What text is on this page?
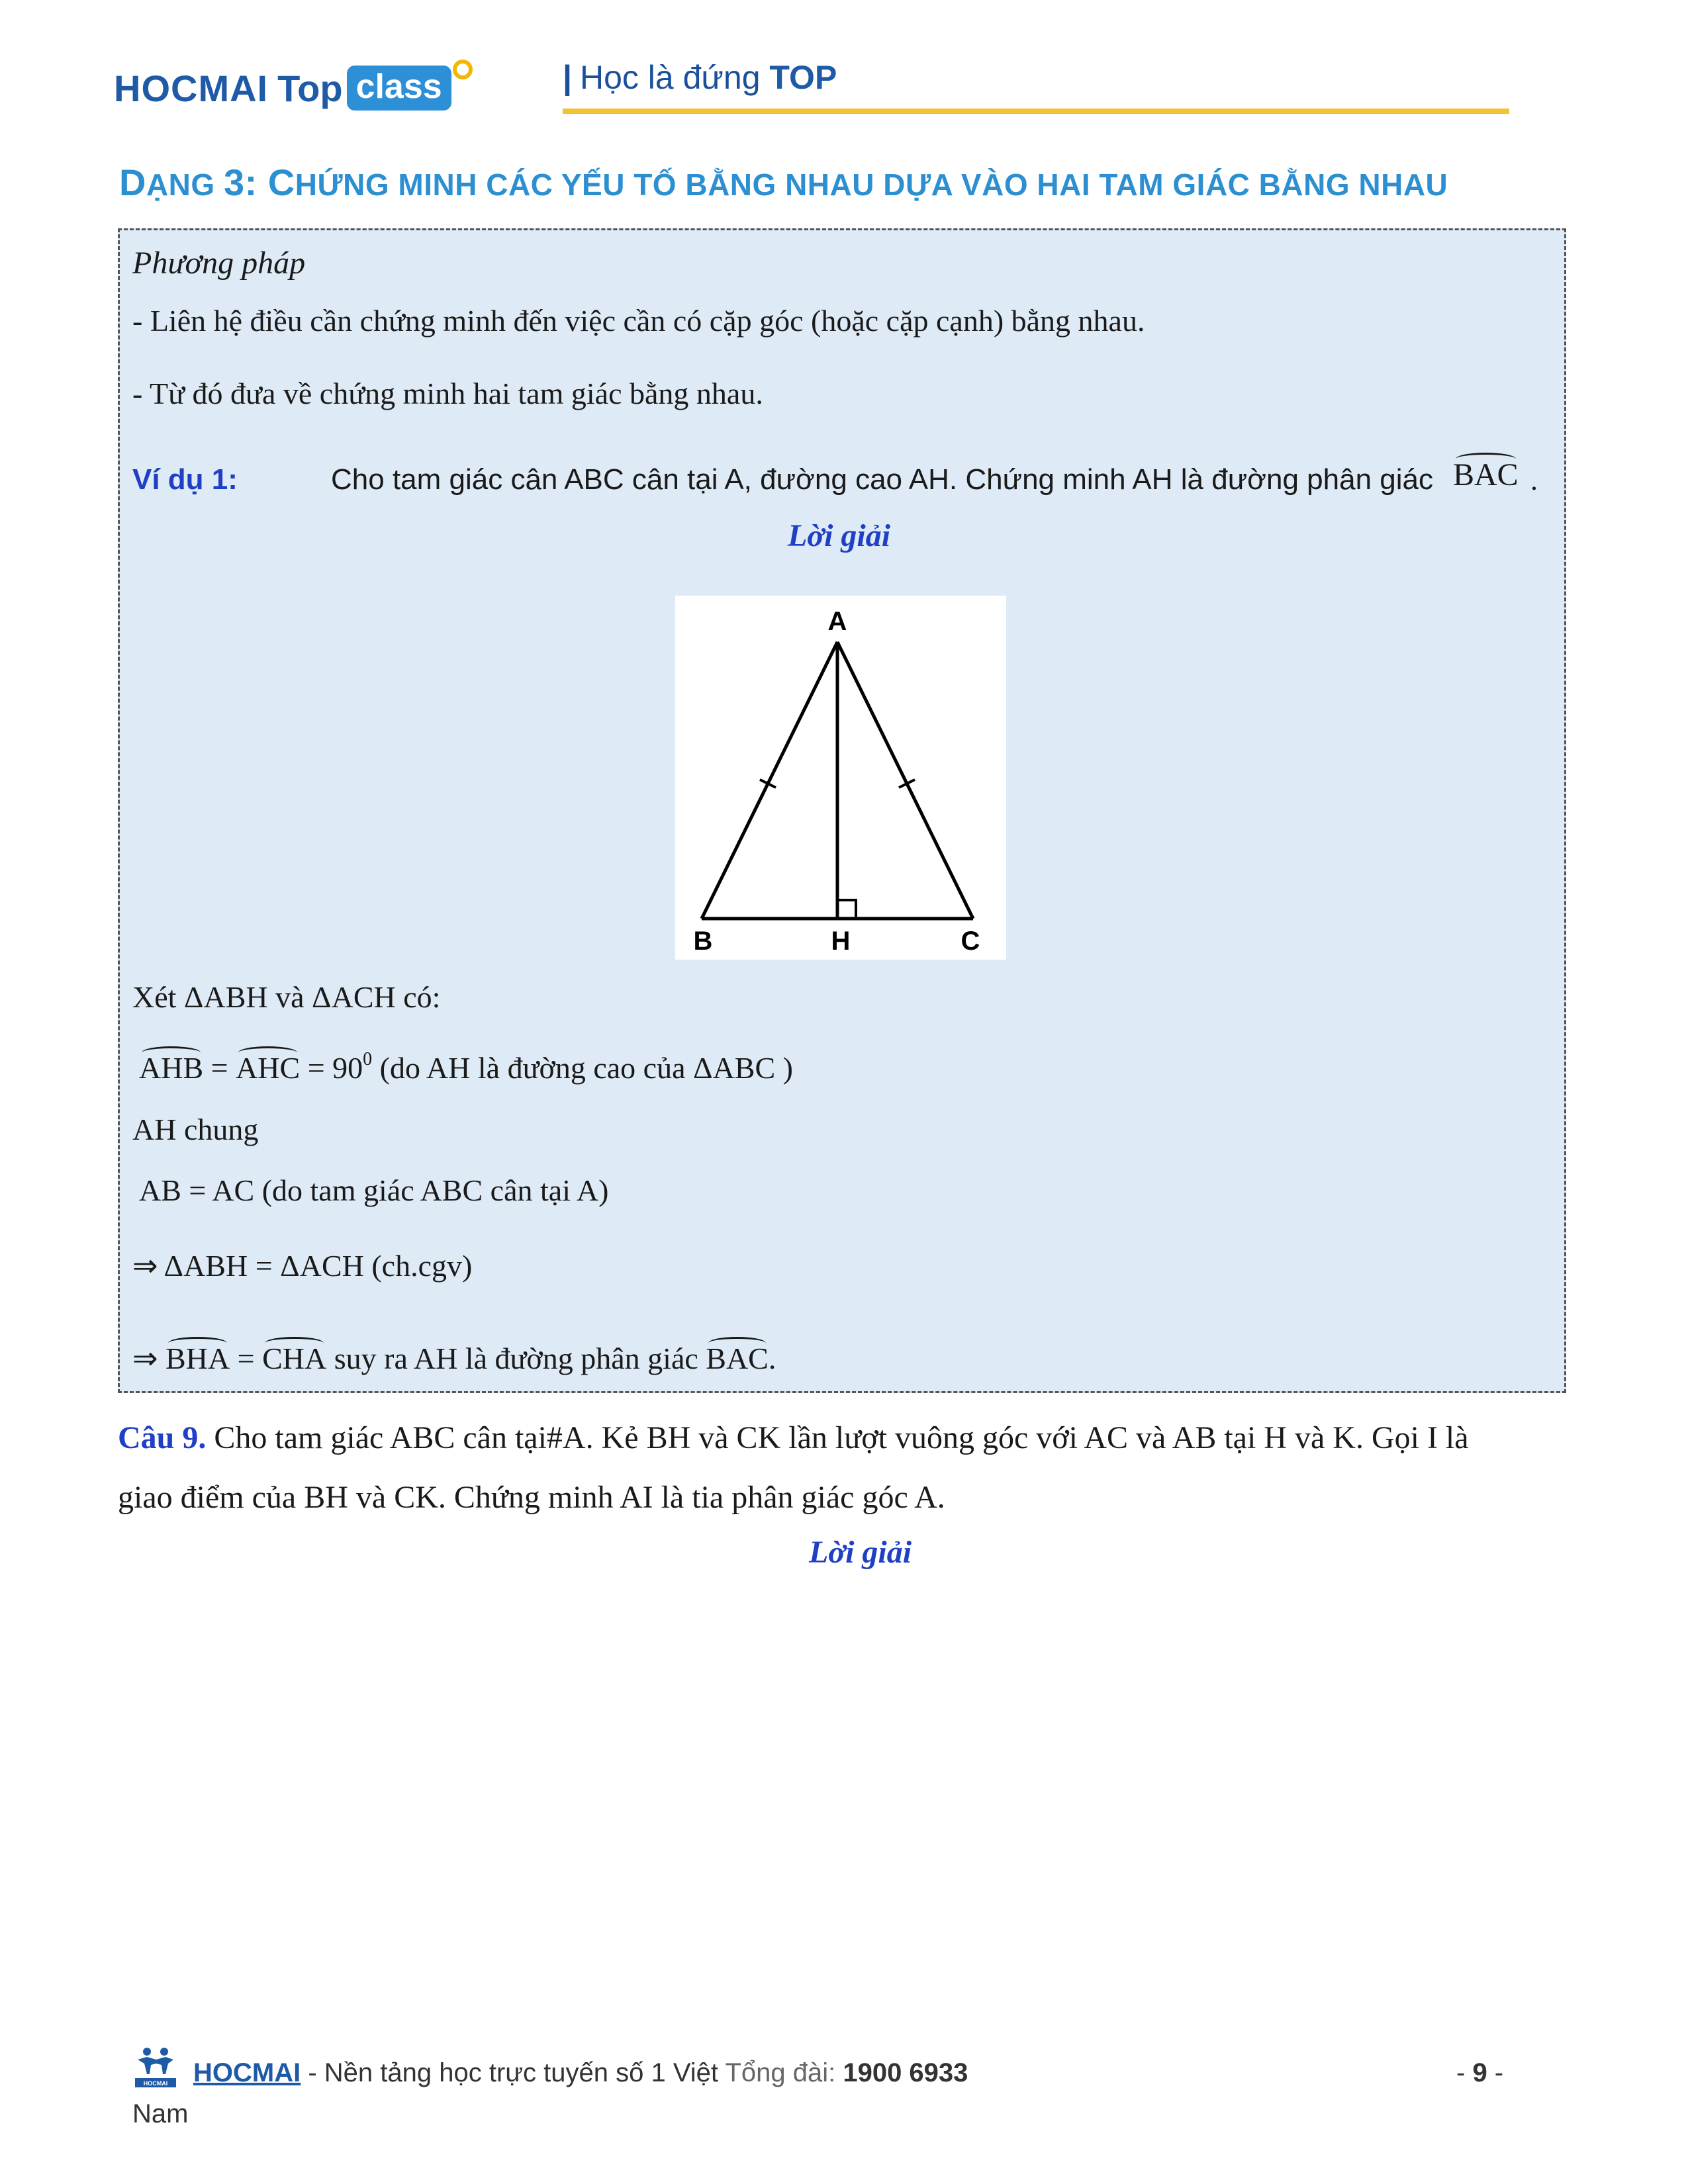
HOCMAI Top class	| Học là đứng TOP
DẠNG 3: CHỨNG MINH CÁC YẾU TỐ BẰNG NHAU DỰA VÀO HAI TAM GIÁC BẰNG NHAU
Phương pháp
- Liên hệ điều cần chứng minh đến việc cần có cặp góc (hoặc cặp cạnh) bằng nhau.
- Từ đó đưa về chứng minh hai tam giác bằng nhau.
Ví dụ 1:	Cho tam giác cân ABC cân tại A, đường cao AH. Chứng minh AH là đường phân giác BAC .
Lời giải
A
B	H	C
Xét ΔABH và ΔACH có:
AHB = AHC = $90^0$ (do AH là đường cao của ΔABC )
AH chung
AB = AC (do tam giác ABC cân tại A)
⇒ ΔABH = ΔACH (ch.cgv)
⇒ BHA = CHA suy ra AH là đường phân giác BAC.
Câu 9. Cho tam giác ABC cân tại#A. Kẻ BH và CK lần lượt vuông góc với AC và AB tại H và K. Gọi I là
giao điểm của BH và CK. Chứng minh AI là tia phân giác góc A.
Lời giải
HOCMAI HOCMAI - Nền tảng học trực tuyến số 1 Việt Tổng đài: 1900 6933
Nam
- 9 -
